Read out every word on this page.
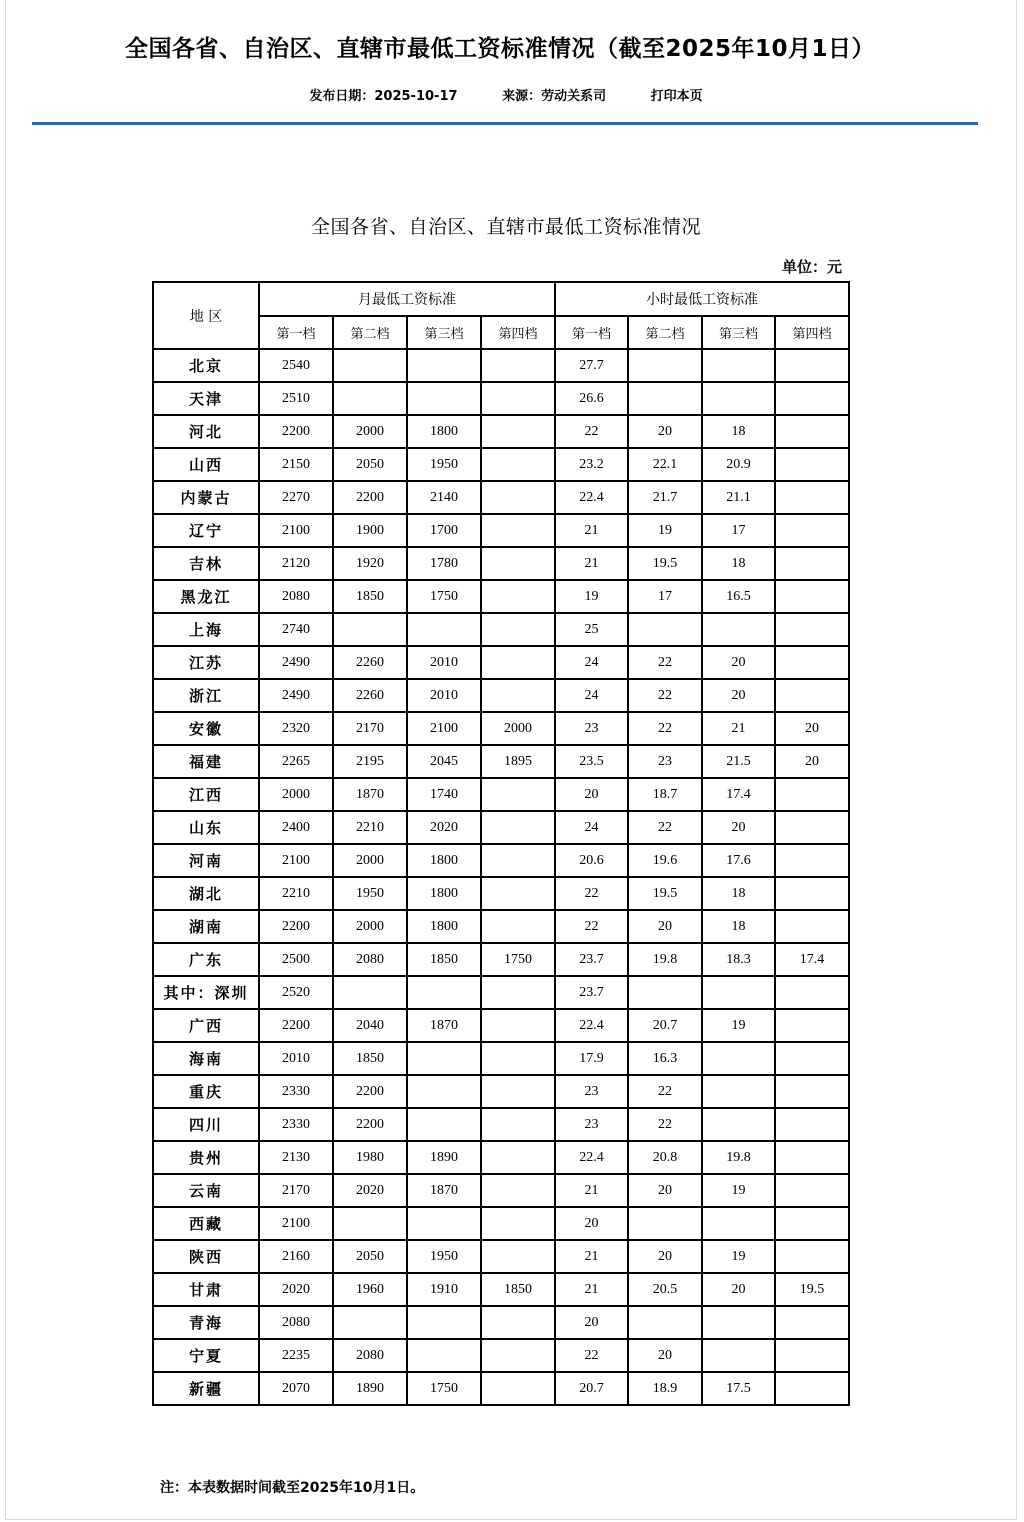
全国各省、自治区、直辖市最低工资标准情况（截至2025年10月1日）
发布日期：2025-10-17	来源：劳动关系司	打印本页
全国各省、自治区、直辖市最低工资标准情况
单位：元
地 区	月最低工资标准				小时最低工资标准			
	第一档	第二档	第三档	第四档	第一档	第二档	第三档	第四档
北京	2540				27.7			
天津	2510				26.6			
河北	2200	2000	1800		22	20	18	
山西	2150	2050	1950		23.2	22.1	20.9	
内蒙古	2270	2200	2140		22.4	21.7	21.1	
辽宁	2100	1900	1700		21	19	17	
吉林	2120	1920	1780		21	19.5	18	
黑龙江	2080	1850	1750		19	17	16.5	
上海	2740				25			
江苏	2490	2260	2010		24	22	20	
浙江	2490	2260	2010		24	22	20	
安徽	2320	2170	2100	2000	23	22	21	20
福建	2265	2195	2045	1895	23.5	23	21.5	20
江西	2000	1870	1740		20	18.7	17.4	
山东	2400	2210	2020		24	22	20	
河南	2100	2000	1800		20.6	19.6	17.6	
湖北	2210	1950	1800		22	19.5	18	
湖南	2200	2000	1800		22	20	18	
广东	2500	2080	1850	1750	23.7	19.8	18.3	17.4
其中：深圳	2520				23.7			
广西	2200	2040	1870		22.4	20.7	19	
海南	2010	1850			17.9	16.3		
重庆	2330	2200			23	22		
四川	2330	2200			23	22		
贵州	2130	1980	1890		22.4	20.8	19.8	
云南	2170	2020	1870		21	20	19	
西藏	2100				20			
陕西	2160	2050	1950		21	20	19	
甘肃	2020	1960	1910	1850	21	20.5	20	19.5
青海	2080				20			
宁夏	2235	2080			22	20		
新疆	2070	1890	1750		20.7	18.9	17.5	
注：本表数据时间截至2025年10月1日。
